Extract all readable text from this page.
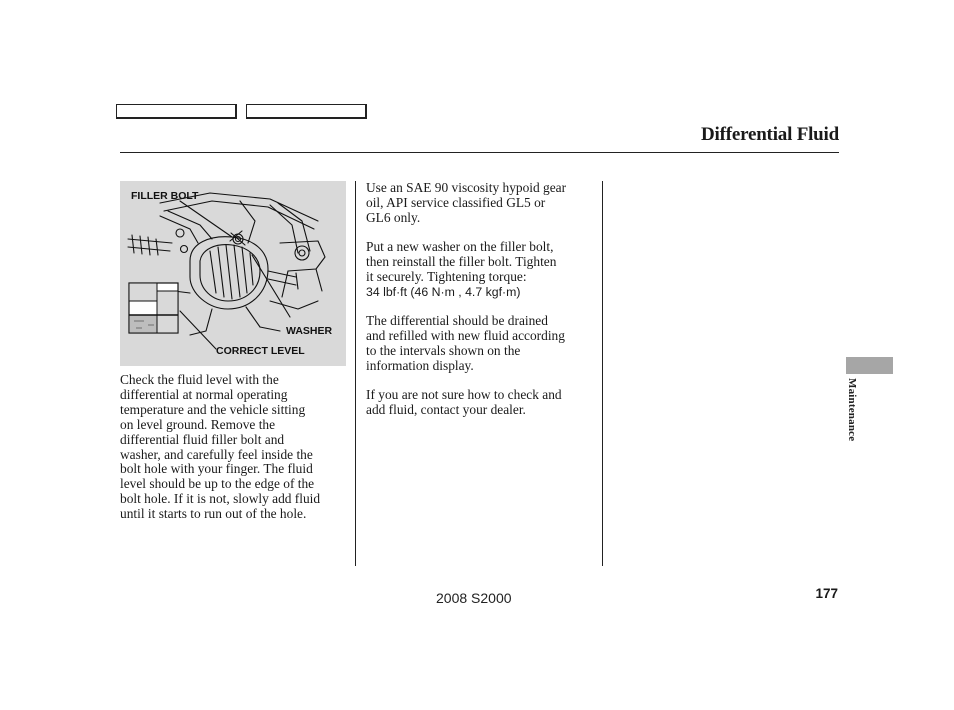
Differential Fluid
FILLER BOLT
WASHER
CORRECT LEVEL

Check the fluid level with the
differential at normal operating
temperature and the vehicle sitting
on level ground. Remove the
differential fluid filler bolt and
washer, and carefully feel inside the
bolt hole with your finger. The fluid
level should be up to the edge of the
bolt hole. If it is not, slowly add fluid
until it starts to run out of the hole.

Use an SAE 90 viscosity hypoid gear
oil, API service classified GL5 or
GL6 only.

Put a new washer on the filler bolt,
then reinstall the filler bolt. Tighten
it securely. Tightening torque:

34 lbf·ft (46 N·m , 4.7 kgf·m)

The differential should be drained
and refilled with new fluid according
to the intervals shown on the
information display.

If you are not sure how to check and
add fluid, contact your dealer.	Maintenance
177
2008 S2000
